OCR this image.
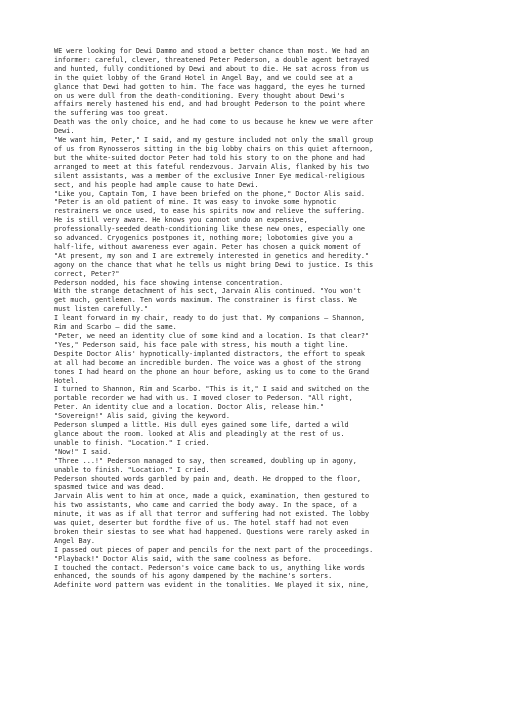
WE were looking for Dewi Dammo and stood a better chance than most. We had an
informer: careful, clever, threatened Peter Pederson, a double agent betrayed
and hunted, fully conditioned by Dewi and about to die. He sat across from us
in the quiet lobby of the Grand Hotel in Angel Bay, and we could see at a
glance that Dewi had gotten to him. The face was haggard, the eyes he turned
on us were dull from the death-conditioning. Every thought about Dewi's
affairs merely hastened his end, and had brought Pederson to the point where
the suffering was too great.
Death was the only choice, and he had come to us because he knew we were after
Dewi.
"We want him, Peter," I said, and my gesture included not only the small group
of us from Rynosseros sitting in the big lobby chairs on this quiet afternoon,
but the white-suited doctor Peter had told his story to on the phone and had
arranged to meet at this fateful rendezvous. Jarvain Alis, flanked by his two
silent assistants, was a member of the exclusive Inner Eye medical-religious
sect, and his people had ample cause to hate Dewi.
"Like you, Captain Tom, I have been briefed on the phone," Doctor Alis said.
"Peter is an old patient of mine. It was easy to invoke some hypnotic
restrainers we once used, to ease his spirits now and relieve the suffering.
He is still very aware. He knows you cannot undo an expensive,
professionally-seeded death-conditioning like these new ones, especially one
so advanced. Cryogenics postpones it, nothing more; lobotomies give you a
half-life, without awareness ever again. Peter has chosen a quick moment of
"At present, my son and I are extremely interested in genetics and heredity."
agony on the chance that what he tells us might bring Dewi to justice. Is this
correct, Peter?"
Pederson nodded, his face showing intense concentration.
With the strange detachment of his sect, Jarvain Alis continued. "You won't
get much, gentlemen. Ten words maximum. The constrainer is first class. We
must listen carefully."
I leant forward in my chair, ready to do just that. My companions — Shannon,
Rim and Scarbo — did the same.
"Peter, we need an identity clue of some kind and a location. Is that clear?"
"Yes," Pederson said, his face pale with stress, his mouth a tight line.
Despite Doctor Alis' hypnotically-implanted distractors, the effort to speak
at all had become an incredible burden. The voice was a ghost of the strong
tones I had heard on the phone an hour before, asking us to come to the Grand
Hotel.
I turned to Shannon, Rim and Scarbo. "This is it," I said and switched on the
portable recorder we had with us. I moved closer to Pederson. "All right,
Peter. An identity clue and a location. Doctor Alis, release him."
"Sovereign!" Alis said, giving the keyword.
Pederson slumped a little. His dull eyes gained some life, darted a wild
glance about the room. looked at Alis and pleadingly at the rest of us.
unable to finish. "Location." I cried.
"Now!" I said.
"Three ...!" Pederson managed to say, then screamed, doubling up in agony,
unable to finish. "Location." I cried.
Pederson shouted words garbled by pain and, death. He dropped to the floor,
spasmed twice and was dead.
Jarvain Alis went to him at once, made a quick, examination, then gestured to
his two assistants, who came and carried the body away. In the space, of a
minute, it was as if all that terror and suffering had not existed. The lobby
was quiet, deserter but fordthe five of us. The hotel staff had not even
broken their siestas to see what had happened. Questions were rarely asked in
Angel Bay.
I passed out pieces of paper and pencils for the next part of the proceedings.
"Playback!" Doctor Alis said, with the same coolness as before.
I touched the contact. Pederson's voice came back to us, anything like words
enhanced, the sounds of his agony dampened by the machine's sorters.
Adefinite word pattern was evident in the tonalities. We played it six, nine,
